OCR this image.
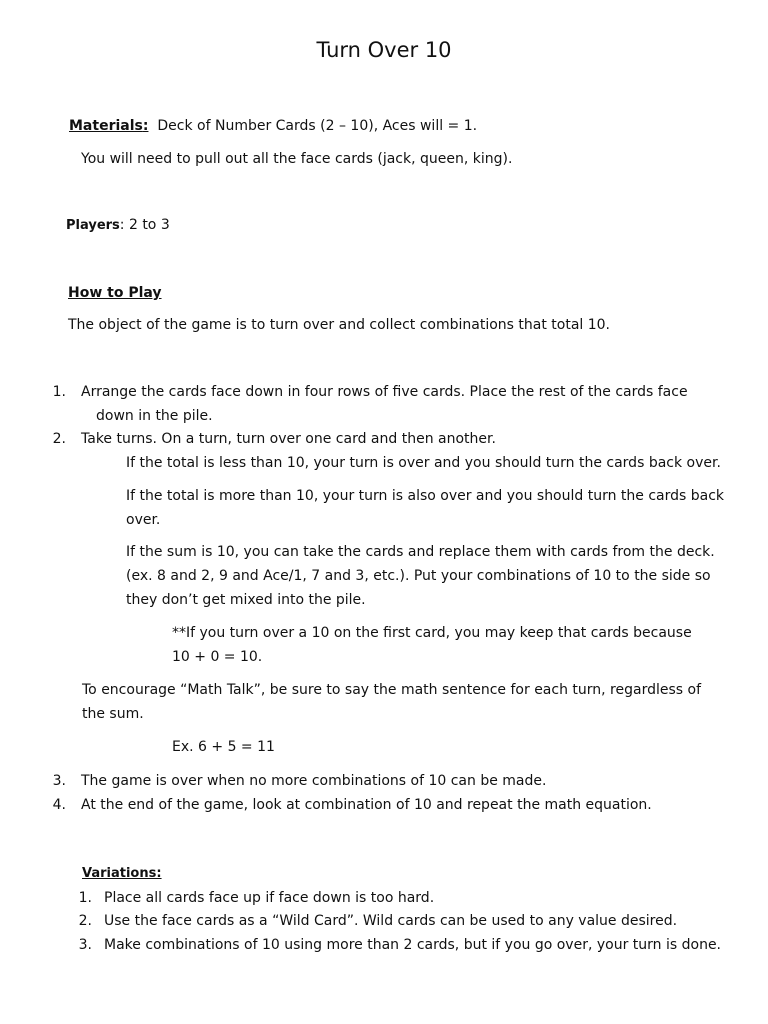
Turn Over 10
Materials: Deck of Number Cards (2 – 10), Aces will = 1.
You will need to pull out all the face cards (jack, queen, king).
Players: 2 to 3
How to Play
The object of the game is to turn over and collect combinations that total 10.
1. Arrange the cards face down in four rows of five cards. Place the rest of the cards face
down in the pile.
2. Take turns. On a turn, turn over one card and then another.
If the total is less than 10, your turn is over and you should turn the cards back over.
If the total is more than 10, your turn is also over and you should turn the cards back
over.
If the sum is 10, you can take the cards and replace them with cards from the deck.
(ex. 8 and 2, 9 and Ace/1, 7 and 3, etc.). Put your combinations of 10 to the side so
they don’t get mixed into the pile.
**If you turn over a 10 on the first card, you may keep that cards because
10 + 0 = 10.
To encourage “Math Talk”, be sure to say the math sentence for each turn, regardless of
the sum.
Ex. 6 + 5 = 11
3. The game is over when no more combinations of 10 can be made.
4. At the end of the game, look at combination of 10 and repeat the math equation.
Variations:
1. Place all cards face up if face down is too hard.
2. Use the face cards as a “Wild Card”. Wild cards can be used to any value desired.
3. Make combinations of 10 using more than 2 cards, but if you go over, your turn is done.
